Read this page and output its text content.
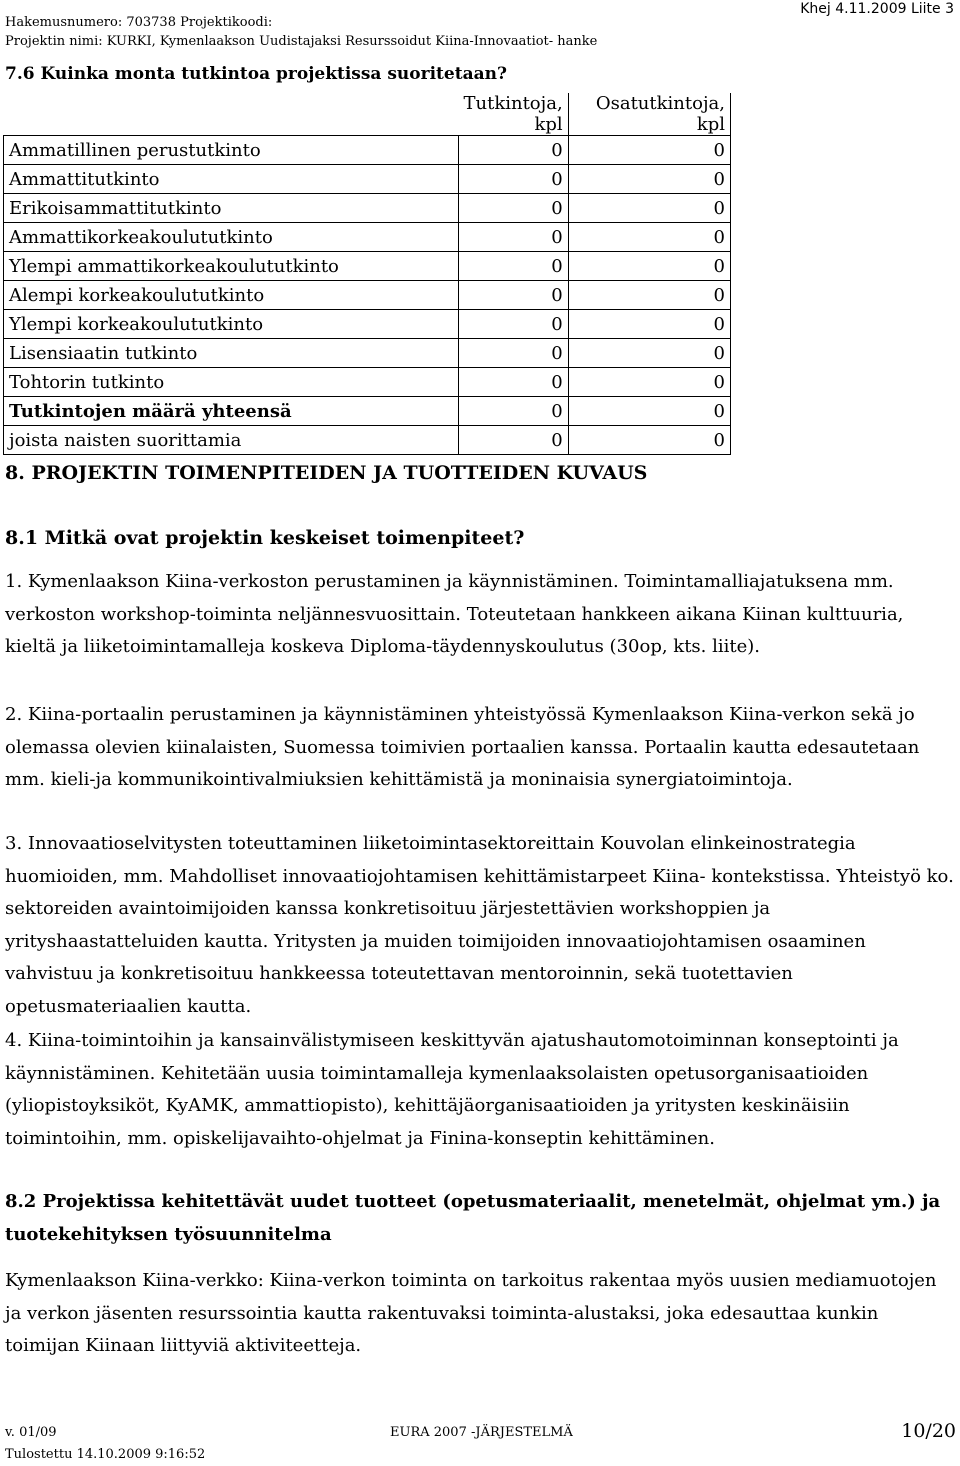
Hakemusnumero: 703738 Projektikoodi:
Projektin nimi: KURKI, Kymenlaakson Uudistajaksi Resurssoidut Kiina-Innovaatiot- hanke
Khej 4.11.2009 Liite 3
7.6 Kuinka monta tutkintoa projektissa suoritetaan?
	Tutkintoja, kpl	Osatutkintoja, kpl
Ammatillinen perustutkinto	0	0
Ammattitutkinto	0	0
Erikoisammattitutkinto	0	0
Ammattikorkeakoulututkinto	0	0
Ylempi ammattikorkeakoulututkinto	0	0
Alempi korkeakoulututkinto	0	0
Ylempi korkeakoulututkinto	0	0
Lisensiaatin tutkinto	0	0
Tohtorin tutkinto	0	0
Tutkintojen määrä yhteensä	0	0
joista naisten suorittamia	0	0
8. PROJEKTIN TOIMENPITEIDEN JA TUOTTEIDEN KUVAUS
8.1 Mitkä ovat projektin keskeiset toimenpiteet?
1. Kymenlaakson Kiina-verkoston perustaminen ja käynnistäminen. Toimintamalliajatuksena mm. verkoston workshop-toiminta neljännesvuosittain. Toteutetaan hankkeen aikana Kiinan kulttuuria, kieltä ja liiketoimintamalleja koskeva Diploma-täydennyskoulutus (30op, kts. liite).
2. Kiina-portaalin perustaminen ja käynnistäminen yhteistyössä Kymenlaakson Kiina-verkon sekä jo olemassa olevien kiinalaisten, Suomessa toimivien portaalien kanssa. Portaalin kautta edesautetaan mm. kieli-ja kommunikointivalmiuksien kehittämistä ja moninaisia synergiatoimintoja.
3. Innovaatioselvitysten toteuttaminen liiketoimintasektoreittain Kouvolan elinkeinostrategia huomioiden, mm. Mahdolliset innovaatiojohtamisen kehittämistarpeet Kiina- kontekstissa. Yhteistyö ko. sektoreiden avaintoimijoiden kanssa konkretisoituu järjestettävien workshoppien ja yrityshaastatteluiden kautta. Yritysten ja muiden toimijoiden innovaatiojohtamisen osaaminen vahvistuu ja konkretisoituu hankkeessa toteutettavan mentoroinnin, sekä tuotettavien opetusmateriaalien kautta.
4. Kiina-toimintoihin ja kansainvälistymiseen keskittyvän ajatushautomotoiminnan konseptointi ja käynnistäminen. Kehitetään uusia toimintamalleja kymenlaaksolaisten opetusorganisaatioiden (yliopistoyksiköt, KyAMK, ammattiopisto), kehittäjäorganisaatioiden ja yritysten keskinäisiin toimintoihin, mm. opiskelijavaihto-ohjelmat ja Finina-konseptin kehittäminen.
8.2 Projektissa kehitettävät uudet tuotteet (opetusmateriaalit, menetelmät, ohjelmat ym.) ja
tuotekehityksen työsuunnitelma
Kymenlaakson Kiina-verkko: Kiina-verkon toiminta on tarkoitus rakentaa myös uusien mediamuotojen ja verkon jäsenten resurssointia kautta rakentuvaksi toiminta-alustaksi, joka edesauttaa kunkin toimijan Kiinaan liittyviä aktiviteetteja.
v. 01/09	EURA 2007 -JÄRJESTELMÄ	10/20
Tulostettu 14.10.2009 9:16:52
